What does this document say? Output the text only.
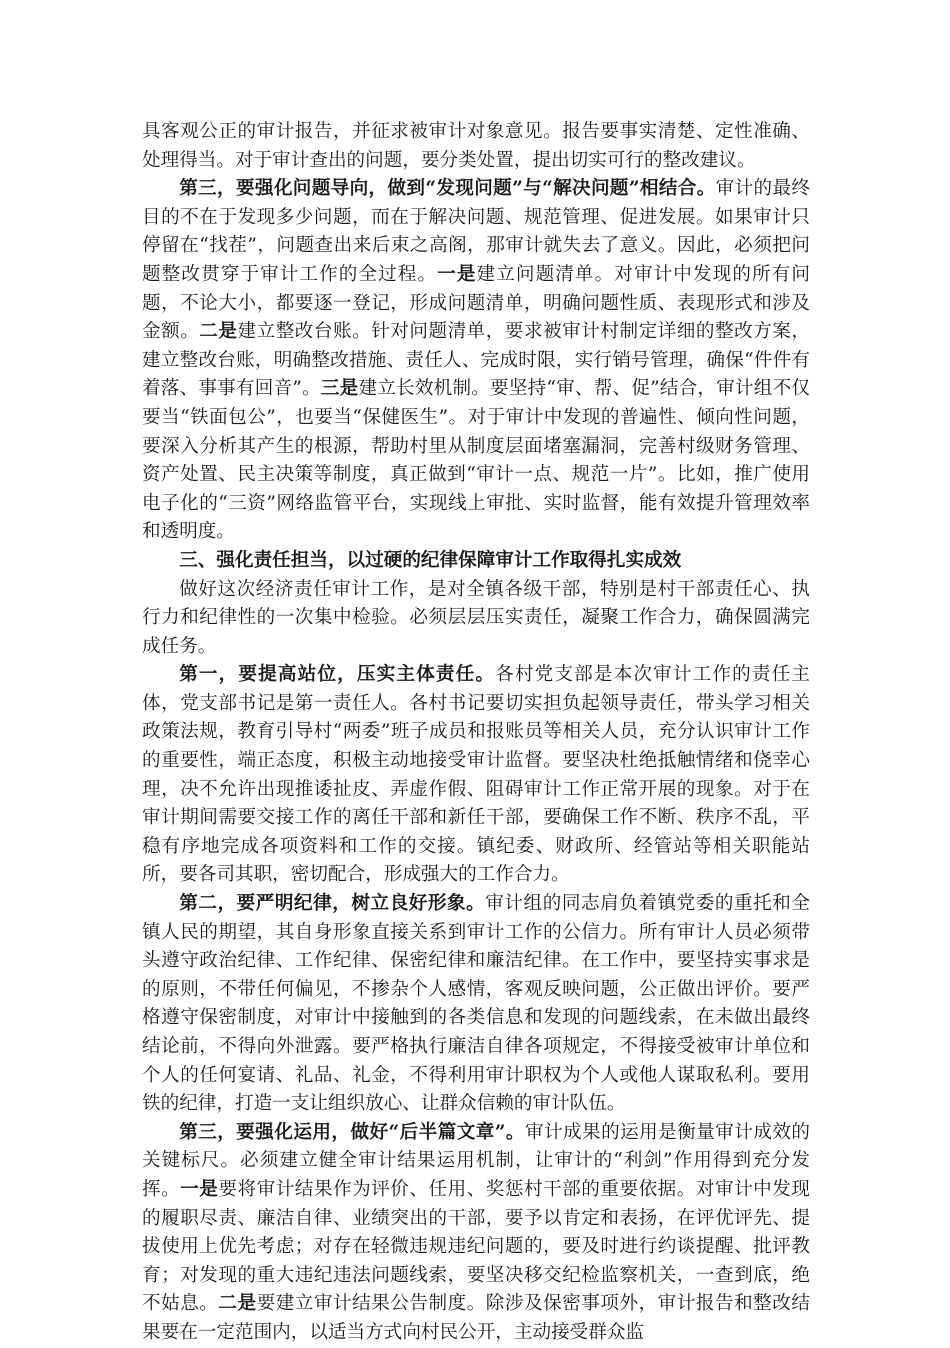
具客观公正的审计报告，并征求被审计对象意见。报告要事实清楚、定性准确、处理得当。对于审计查出的问题，要分类处置，提出切实可行的整改建议。

第三，要强化问题导向，做到“发现问题”与“解决问题”相结合。审计的最终目的不在于发现多少问题，而在于解决问题、规范管理、促进发展。如果审计只停留在“找茬”，问题查出来后束之高阁，那审计就失去了意义。因此，必须把问题整改贯穿于审计工作的全过程。一是建立问题清单。对审计中发现的所有问题，不论大小，都要逐一登记，形成问题清单，明确问题性质、表现形式和涉及金额。二是建立整改台账。针对问题清单，要求被审计村制定详细的整改方案，建立整改台账，明确整改措施、责任人、完成时限，实行销号管理，确保“件件有着落、事事有回音”。三是建立长效机制。要坚持“审、帮、促”结合，审计组不仅要当“铁面包公”，也要当“保健医生”。对于审计中发现的普遍性、倾向性问题，要深入分析其产生的根源，帮助村里从制度层面堵塞漏洞，完善村级财务管理、资产处置、民主决策等制度，真正做到“审计一点、规范一片”。比如，推广使用电子化的“三资”网络监管平台，实现线上审批、实时监督，能有效提升管理效率和透明度。

三、强化责任担当，以过硬的纪律保障审计工作取得扎实成效

做好这次经济责任审计工作，是对全镇各级干部，特别是村干部责任心、执行力和纪律性的一次集中检验。必须层层压实责任，凝聚工作合力，确保圆满完成任务。

第一，要提高站位，压实主体责任。各村党支部是本次审计工作的责任主体，党支部书记是第一责任人。各村书记要切实担负起领导责任，带头学习相关政策法规，教育引导村“两委”班子成员和报账员等相关人员，充分认识审计工作的重要性，端正态度，积极主动地接受审计监督。要坚决杜绝抵触情绪和侥幸心理，决不允许出现推诿扯皮、弄虚作假、阻碍审计工作正常开展的现象。对于在审计期间需要交接工作的离任干部和新任干部，要确保工作不断、秩序不乱，平稳有序地完成各项资料和工作的交接。镇纪委、财政所、经管站等相关职能站所，要各司其职，密切配合，形成强大的工作合力。

第二，要严明纪律，树立良好形象。审计组的同志肩负着镇党委的重托和全镇人民的期望，其自身形象直接关系到审计工作的公信力。所有审计人员必须带头遵守政治纪律、工作纪律、保密纪律和廉洁纪律。在工作中，要坚持实事求是的原则，不带任何偏见，不掺杂个人感情，客观反映问题，公正做出评价。要严格遵守保密制度，对审计中接触到的各类信息和发现的问题线索，在未做出最终结论前，不得向外泄露。要严格执行廉洁自律各项规定，不得接受被审计单位和个人的任何宴请、礼品、礼金，不得利用审计职权为个人或他人谋取私利。要用铁的纪律，打造一支让组织放心、让群众信赖的审计队伍。

第三，要强化运用，做好“后半篇文章”。审计成果的运用是衡量审计成效的关键标尺。必须建立健全审计结果运用机制，让审计的“利剑”作用得到充分发挥。一是要将审计结果作为评价、任用、奖惩村干部的重要依据。对审计中发现的履职尽责、廉洁自律、业绩突出的干部，要予以肯定和表扬，在评优评先、提拔使用上优先考虑；对存在轻微违规违纪问题的，要及时进行约谈提醒、批评教育；对发现的重大违纪违法问题线索，要坚决移交纪检监察机关，一查到底，绝不姑息。二是要建立审计结果公告制度。除涉及保密事项外，审计报告和整改结果要在一定范围内，以适当方式向村民公开，主动接受群众监
